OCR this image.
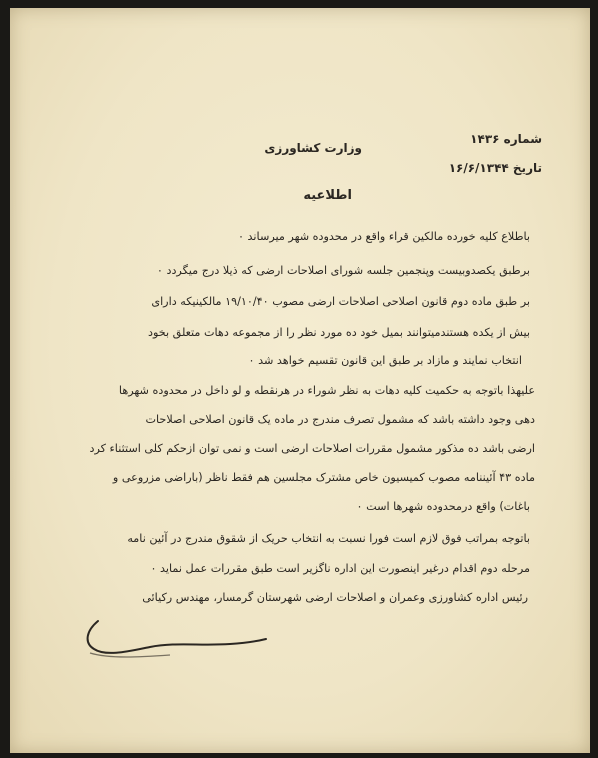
شماره ۱۴۳۶
وزارت کشاورزی
تاریخ ۱۶/۶/۱۳۴۴
اطلاعیه
باطلاع کلیه خورده مالکین قراء واقع در محدوده شهر میرساند ٠
برطبق یکصدوبیست وپنجمین جلسه شورای اصلاحات ارضی که ذیلا درج میگردد ٠
بر طبق ماده دوم قانون اصلاحی اصلاحات ارضی مصوب ۱۹/۱۰/۴۰ مالکینیکه دارای
بیش از یکده هستندمیتوانند بمیل خود ده مورد نظر را از مجموعه دهات متعلق بخود
انتخاب نمایند و مازاد بر طبق این قانون تقسیم خواهد شد ٠
علیهذا باتوجه به حکمیت کلیه دهات به نظر شوراء در هرنقطه و لو داخل در محدوده شهرها
دهی وجود داشته باشد که مشمول تصرف مندرج در ماده یک قانون اصلاحی اصلاحات
ارضی باشد ده مذکور مشمول مقررات اصلاحات ارضی است و نمی توان ازحکم کلی استثناء کرد
ماده ۴۳ آئیننامه مصوب کمیسیون خاص مشترک مجلسین هم فقط ناظر (باراضی مزروعی و
باغات) واقع درمحدوده شهرها است ٠
باتوجه بمراتب فوق لازم است فورا نسبت به انتخاب حریک از شقوق مندرج در آئین نامه
مرحله دوم اقدام درغیر اینصورت این اداره ناگزیر است طبق مقررات عمل نماید ٠
رئیس اداره کشاورزی وعمران و اصلاحات ارضی شهرستان گرمسار، مهندس رکیائی
